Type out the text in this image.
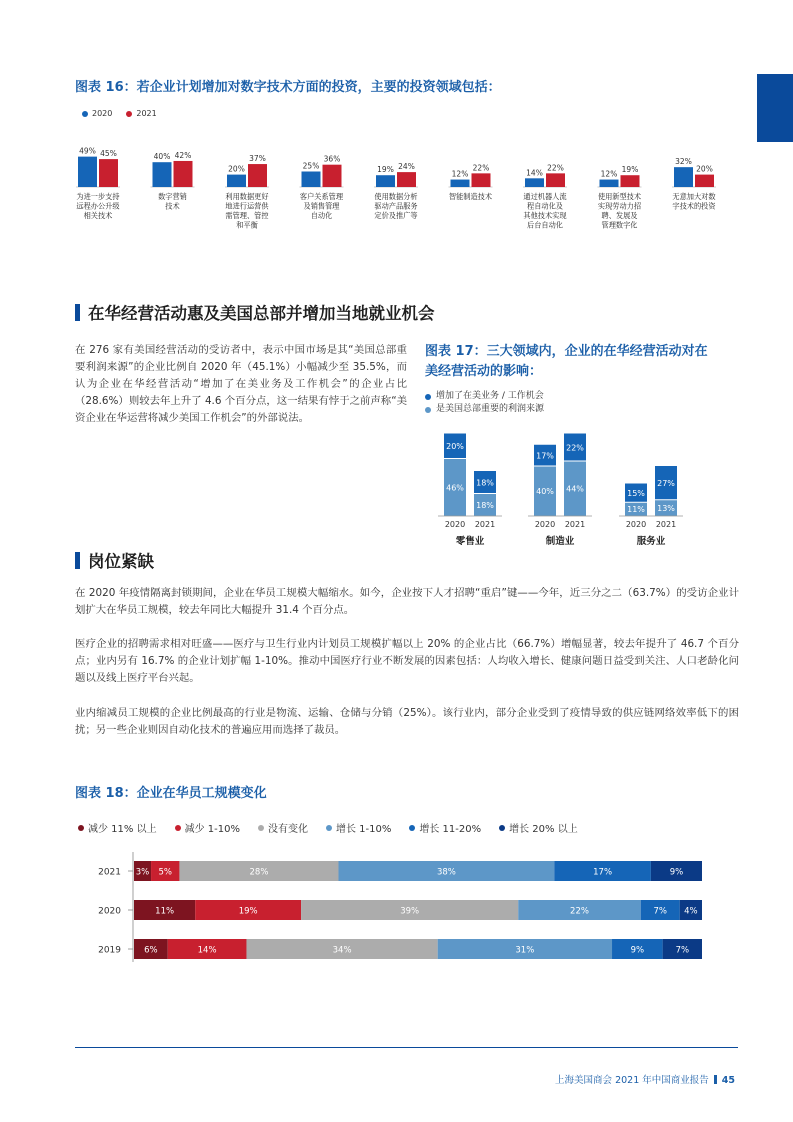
图表 16：若企业计划增加对数字技术方面的投资，主要的投资领域包括：
2020	2021
49% 45%
为进一步支持
远程办公升级
相关技术
40% 42%
数字营销
技术
20%
37%
利用数据更好
地进行运营供
需管理、管控
和平衡
25%
36%
客户关系管理
及销售管理
自动化
19% 24%
使用数据分析
驱动产品服务
定价及推广等
12%
22%
智能制造技术
14%
22%
通过机器人流
程自动化及
其他技术实现
后台自动化
12% 19%
使用新型技术
实现劳动力招
聘、发展及
管理数字化
32%
20%
无意加大对数
字技术的投资
在华经营活动惠及美国总部并增加当地就业机会
在 276 家有美国经营活动的受访者中，表示中国市场是其“美国总部重要利润来源”的企业比例自 2020 年（45.1%）小幅减少至 35.5%，而认为企业在华经营活动“增加了在美业务及工作机会”的企业占比（28.6%）则较去年上升了 4.6 个百分点，这一结果有悖于之前声称“美资企业在华运营将减少美国工作机会”的外部说法。
图表 17：三大领域内，企业的在华经营活动对在
美经营活动的影响：
增加了在美业务 / 工作机会
是美国总部重要的利润来源
46%
20%
2020
18%
18%
2021
零售业
40%
17%
2020
44%
22%
2021
制造业
11%
15%
2020
13%
27%
2021
服务业
岗位紧缺
在 2020 年疫情隔离封锁期间，企业在华员工规模大幅缩水。如今，企业按下人才招聘“重启”键——今年，近三分之二（63.7%）的受访企业计划扩大在华员工规模，较去年同比大幅提升 31.4 个百分点。
医疗企业的招聘需求相对旺盛——医疗与卫生行业内计划员工规模扩幅以上 20% 的企业占比（66.7%）增幅显著，较去年提升了 46.7 个百分点；业内另有 16.7% 的企业计划扩幅 1-10%。推动中国医疗行业不断发展的因素包括：人均收入增长、健康问题日益受到关注、人口老龄化问题以及线上医疗平台兴起。
业内缩减员工规模的企业比例最高的行业是物流、运输、仓储与分销（25%）。该行业内，部分企业受到了疫情导致的供应链网络效率低下的困扰；另一些企业则因自动化技术的普遍应用而选择了裁员。
图表 18：企业在华员工规模变化
减少 11% 以上	减少 1-10%	没有变化	增长 1-10%	增长 11-20%	增长 20% 以上
2021 3% 5%	28%	38%	17%	9%
2020	11%	19%	39%	22%	7% 4%
2019	6%	14%	34%	31%	9%	7%
上海美国商会 2021 年中国商业报告 45
